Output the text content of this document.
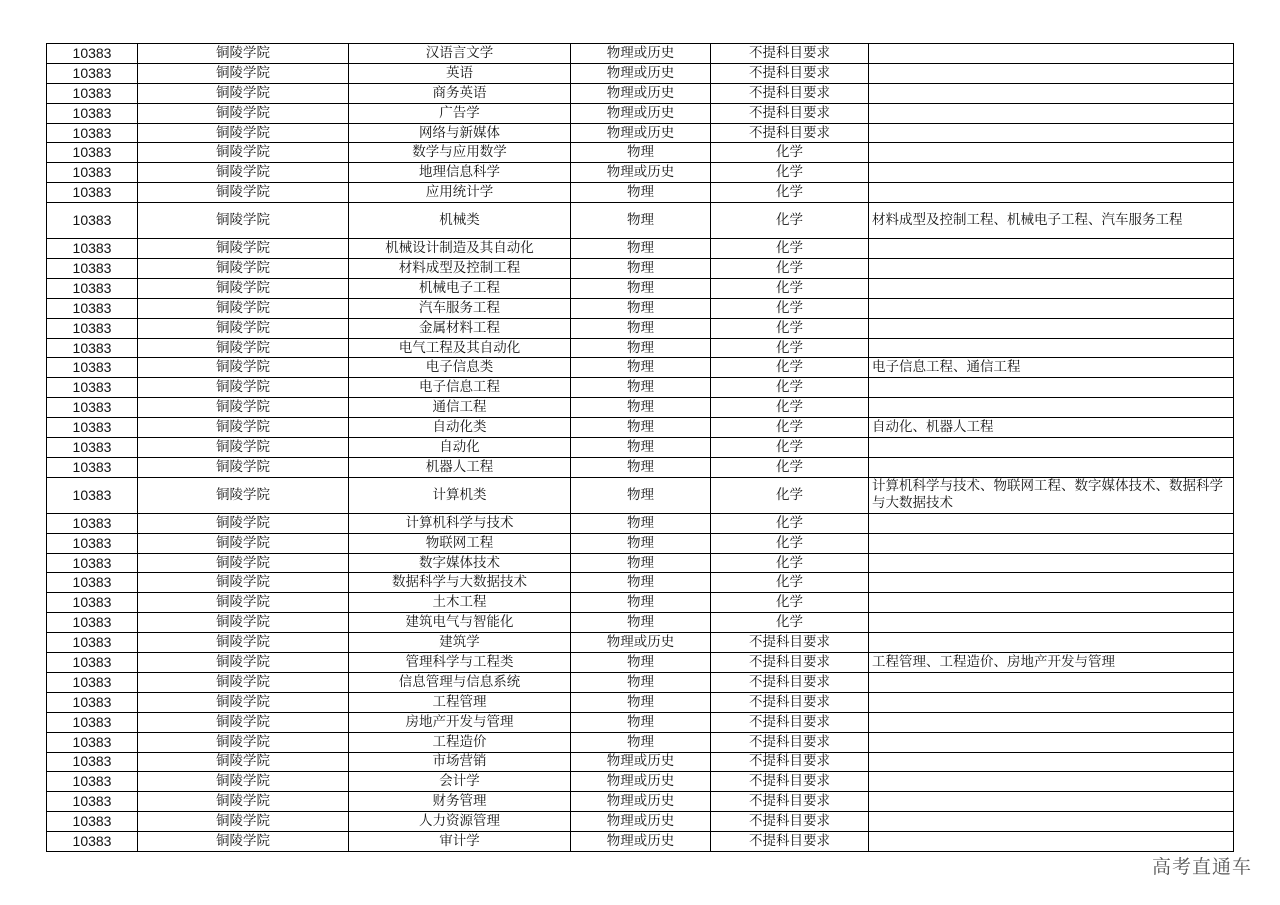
10383	铜陵学院	汉语言文学	物理或历史	不提科目要求	
10383	铜陵学院	英语	物理或历史	不提科目要求	
10383	铜陵学院	商务英语	物理或历史	不提科目要求	
10383	铜陵学院	广告学	物理或历史	不提科目要求	
10383	铜陵学院	网络与新媒体	物理或历史	不提科目要求	
10383	铜陵学院	数学与应用数学	物理	化学	
10383	铜陵学院	地理信息科学	物理或历史	化学	
10383	铜陵学院	应用统计学	物理	化学	
10383	铜陵学院	机械类	物理	化学	材料成型及控制工程、机械电子工程、汽车服务工程
10383	铜陵学院	机械设计制造及其自动化	物理	化学	
10383	铜陵学院	材料成型及控制工程	物理	化学	
10383	铜陵学院	机械电子工程	物理	化学	
10383	铜陵学院	汽车服务工程	物理	化学	
10383	铜陵学院	金属材料工程	物理	化学	
10383	铜陵学院	电气工程及其自动化	物理	化学	
10383	铜陵学院	电子信息类	物理	化学	电子信息工程、通信工程
10383	铜陵学院	电子信息工程	物理	化学	
10383	铜陵学院	通信工程	物理	化学	
10383	铜陵学院	自动化类	物理	化学	自动化、机器人工程
10383	铜陵学院	自动化	物理	化学	
10383	铜陵学院	机器人工程	物理	化学	
10383	铜陵学院	计算机类	物理	化学	计算机科学与技术、物联网工程、数字媒体技术、数据科学与大数据技术
10383	铜陵学院	计算机科学与技术	物理	化学	
10383	铜陵学院	物联网工程	物理	化学	
10383	铜陵学院	数字媒体技术	物理	化学	
10383	铜陵学院	数据科学与大数据技术	物理	化学	
10383	铜陵学院	土木工程	物理	化学	
10383	铜陵学院	建筑电气与智能化	物理	化学	
10383	铜陵学院	建筑学	物理或历史	不提科目要求	
10383	铜陵学院	管理科学与工程类	物理	不提科目要求	工程管理、工程造价、房地产开发与管理
10383	铜陵学院	信息管理与信息系统	物理	不提科目要求	
10383	铜陵学院	工程管理	物理	不提科目要求	
10383	铜陵学院	房地产开发与管理	物理	不提科目要求	
10383	铜陵学院	工程造价	物理	不提科目要求	
10383	铜陵学院	市场营销	物理或历史	不提科目要求	
10383	铜陵学院	会计学	物理或历史	不提科目要求	
10383	铜陵学院	财务管理	物理或历史	不提科目要求	
10383	铜陵学院	人力资源管理	物理或历史	不提科目要求	
10383	铜陵学院	审计学	物理或历史	不提科目要求	
高考直通车
